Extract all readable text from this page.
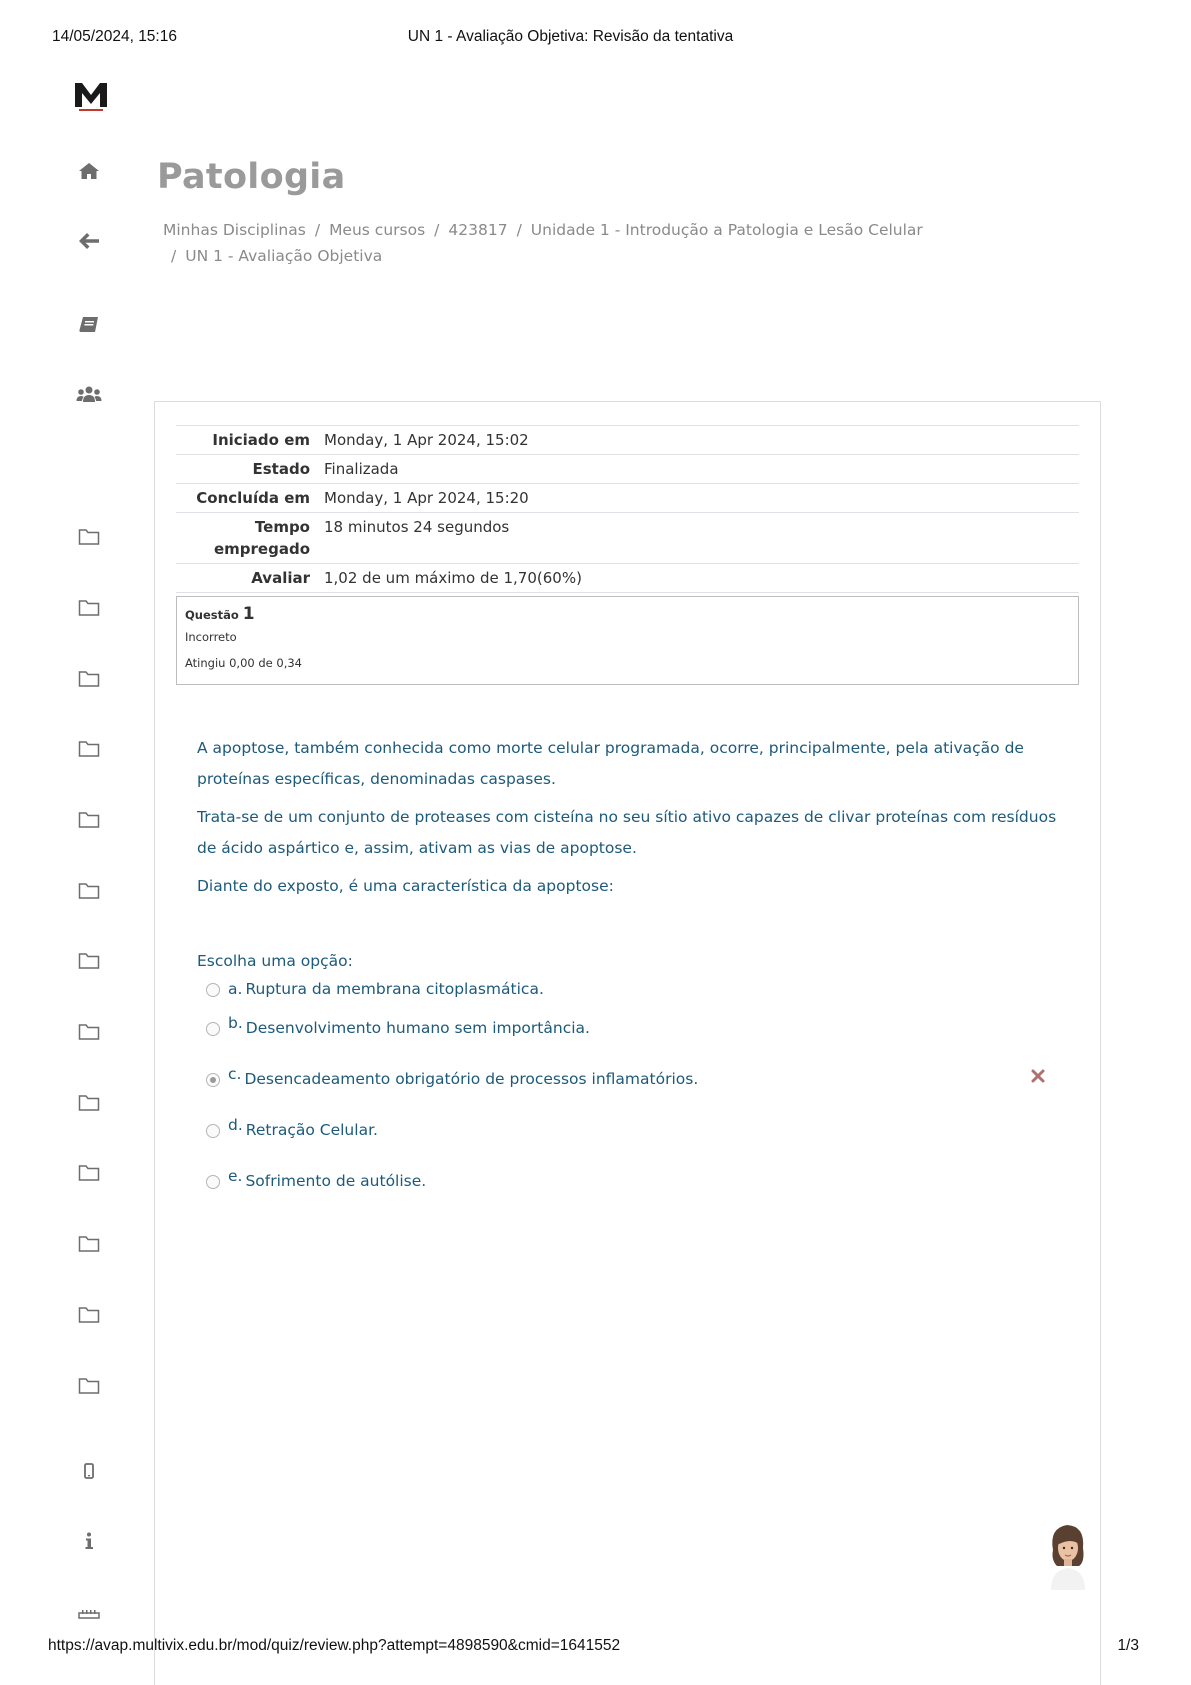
14/05/2024, 15:16	UN 1 - Avaliação Objetiva: Revisão da tentativa
Patologia
Minhas Disciplinas / Meus cursos / 423817 / Unidade 1 - Introdução a Patologia e Lesão Celular
/ UN 1 - Avaliação Objetiva
Iniciado em	Monday, 1 Apr 2024, 15:02
Estado	Finalizada
Concluída em	Monday, 1 Apr 2024, 15:20
Tempo empregado	18 minutos 24 segundos
Avaliar	1,02 de um máximo de 1,70(60%)
Questão 1
Incorreto
Atingiu 0,00 de 0,34

A apoptose, também conhecida como morte celular programada, ocorre, principalmente, pela ativação de proteínas específicas, denominadas caspases.

Trata-se de um conjunto de proteases com cisteína no seu sítio ativo capazes de clivar proteínas com resíduos de ácido aspártico e, assim, ativam as vias de apoptose.

Diante do exposto, é uma característica da apoptose:

Escolha uma opção:
a. Ruptura da membrana citoplasmática.
b. Desenvolvimento humano sem importância.
c. Desencadeamento obrigatório de processos inflamatórios.
d. Retração Celular.
e. Sofrimento de autólise.
https://avap.multivix.edu.br/mod/quiz/review.php?attempt=4898590&cmid=1641552	1/3
